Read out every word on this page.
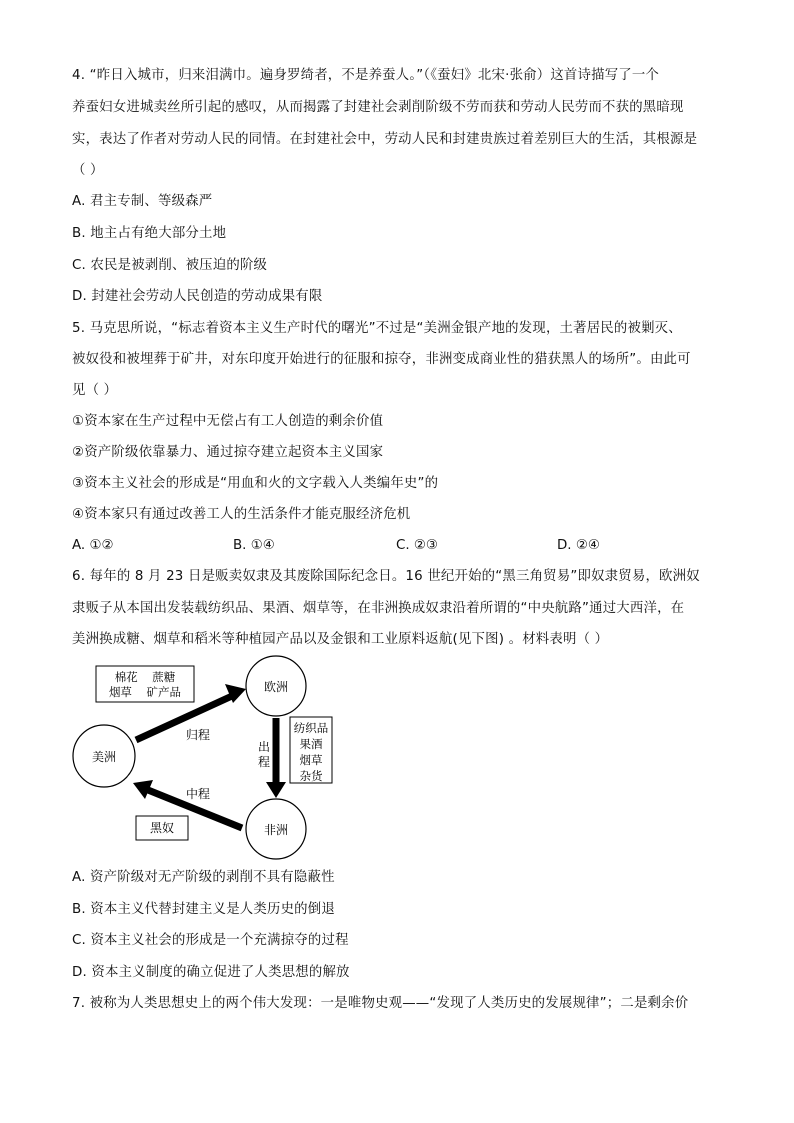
4. “昨日入城市，归来泪满巾。遍身罗绮者，不是养蚕人。”（《蚕妇》北宋·张俞）这首诗描写了一个
养蚕妇女进城卖丝所引起的感叹，从而揭露了封建社会剥削阶级不劳而获和劳动人民劳而不获的黑暗现
实，表达了作者对劳动人民的同情。在封建社会中，劳动人民和封建贵族过着差别巨大的生活，其根源是
（ ）
A. 君主专制、等级森严
B. 地主占有绝大部分土地
C. 农民是被剥削、被压迫的阶级
D. 封建社会劳动人民创造的劳动成果有限
5. 马克思所说，“标志着资本主义生产时代的曙光”不过是“美洲金银产地的发现，土著居民的被剿灭、
被奴役和被埋葬于矿井，对东印度开始进行的征服和掠夺，非洲变成商业性的猎获黑人的场所”。由此可
见（ ）
①资本家在生产过程中无偿占有工人创造的剩余价值
②资产阶级依靠暴力、通过掠夺建立起资本主义国家
③资本主义社会的形成是“用血和火的文字载入人类编年史”的
④资本家只有通过改善工人的生活条件才能克服经济危机
A. ①②	B. ①④	C. ②③	D. ②④
6. 每年的 8 月 23 日是贩卖奴隶及其废除国际纪念日。16 世纪开始的“黑三角贸易”即奴隶贸易，欧洲奴
隶贩子从本国出发装载纺织品、果酒、烟草等，在非洲换成奴隶沿着所谓的“中央航路”通过大西洋，在
美洲换成糖、烟草和稻米等种植园产品以及金银和工业原料返航(见下图) 。材料表明（ ）
欧洲
美洲
非洲
棉花    蔗糖
烟草    矿产品
纺织品
果酒
烟草
杂货
黑奴
归程
出
程
中程
A. 资产阶级对无产阶级的剥削不具有隐蔽性
B. 资本主义代替封建主义是人类历史的倒退
C. 资本主义社会的形成是一个充满掠夺的过程
D. 资本主义制度的确立促进了人类思想的解放
7. 被称为人类思想史上的两个伟大发现：一是唯物史观——“发现了人类历史的发展规律”；二是剩余价
